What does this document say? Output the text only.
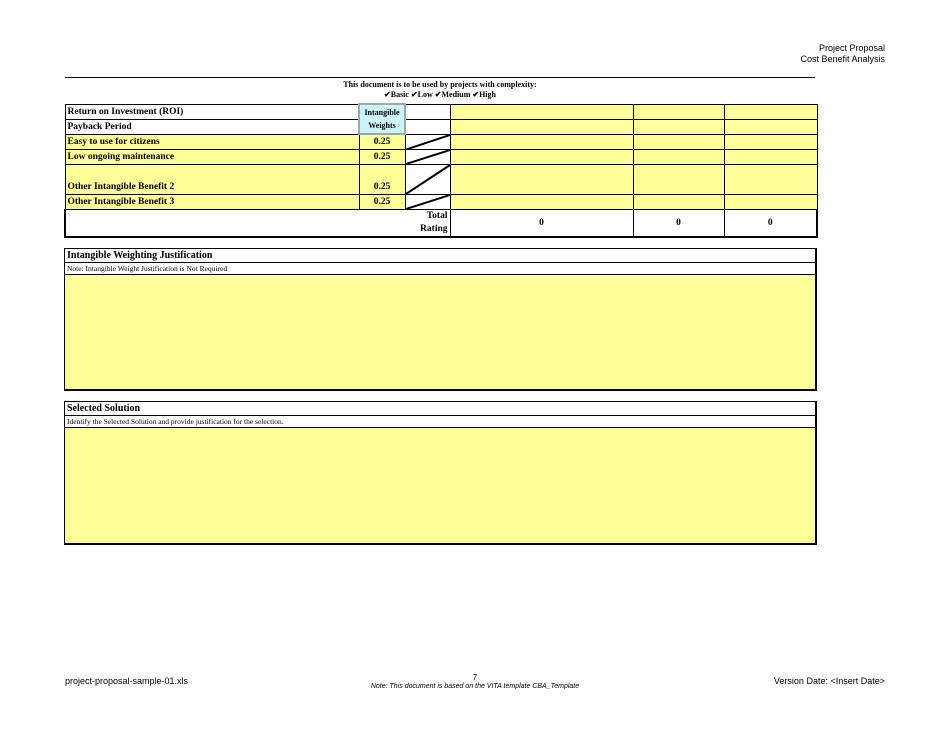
Project Proposal
Cost Benefit Analysis
This document is to be used by projects with complexity:
✔Basic ✔Low ✔Medium ✔High
Return on Investment (ROI)	Intangible
Weights				

Payback Period					
Easy to use for citizens	0.25	

Low ongoing maintenance	0.25	

Other Intangible Benefit 2	0.25	

Other Intangible Benefit 3	0.25	

Total
Rating			0	0	0
Intangible Weighting Justification
Note: Intangible Weight Justification is Not Required
Selected Solution
Identify the Selected Solution and provide justification for the selection.
project-proposal-sample-01.xls	7
Note: This document is based on the VITA template CBA_Template
Version Date: <Insert Date>
